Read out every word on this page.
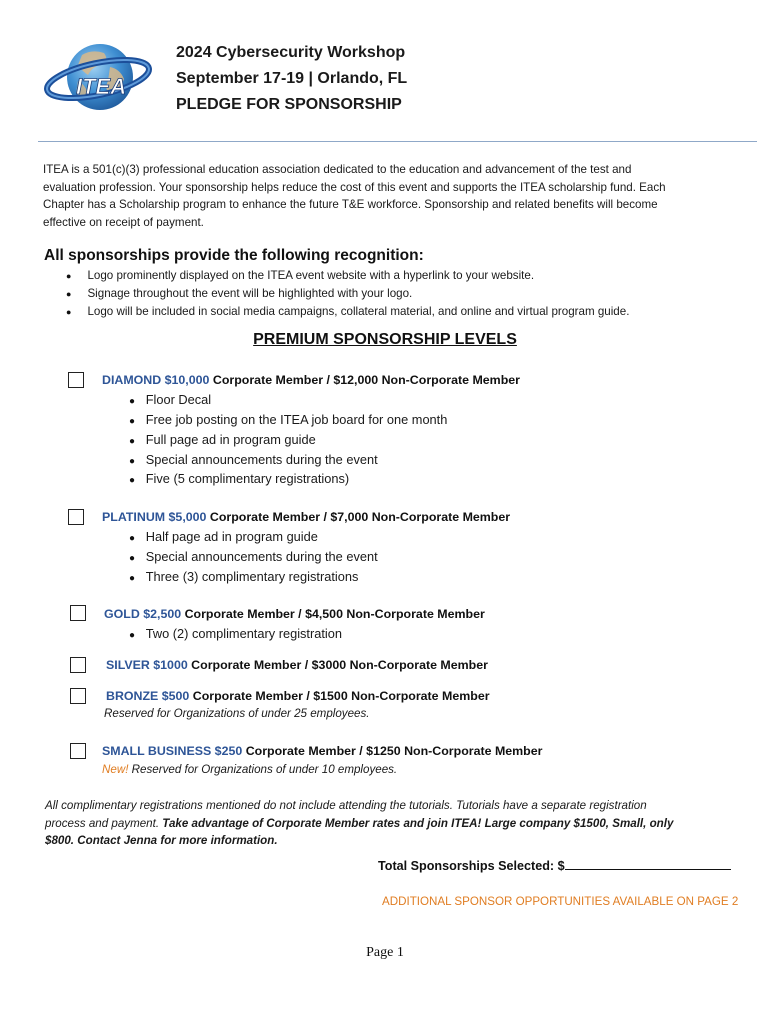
ITEA
2024 Cybersecurity Workshop
September 17-19 | Orlando, FL
PLEDGE FOR SPONSORSHIP
ITEA is a 501(c)(3) professional education association dedicated to the education and advancement of the test and
evaluation profession. Your sponsorship helps reduce the cost of this event and supports the ITEA scholarship fund. Each
Chapter has a Scholarship program to enhance the future T&E workforce. Sponsorship and related benefits will become
effective on receipt of payment.
All sponsorships provide the following recognition:
● Logo prominently displayed on the ITEA event website with a hyperlink to your website.
● Signage throughout the event will be highlighted with your logo.
● Logo will be included in social media campaigns, collateral material, and online and virtual program guide.
PREMIUM SPONSORSHIP LEVELS
DIAMOND $10,000 Corporate Member / $12,000 Non-Corporate Member
● Floor Decal
● Free job posting on the ITEA job board for one month
● Full page ad in program guide
● Special announcements during the event
● Five (5 complimentary registrations)
PLATINUM $5,000 Corporate Member / $7,000 Non-Corporate Member
● Half page ad in program guide
● Special announcements during the event
● Three (3) complimentary registrations
GOLD $2,500 Corporate Member / $4,500 Non-Corporate Member
● Two (2) complimentary registration
SILVER $1000 Corporate Member / $3000 Non-Corporate Member
BRONZE $500 Corporate Member / $1500 Non-Corporate Member
Reserved for Organizations of under 25 employees.
SMALL BUSINESS $250 Corporate Member / $1250 Non-Corporate Member
New! Reserved for Organizations of under 10 employees.
All complimentary registrations mentioned do not include attending the tutorials. Tutorials have a separate registration
process and payment. Take advantage of Corporate Member rates and join ITEA! Large company $1500, Small, only
$800. Contact Jenna for more information.
Total Sponsorships Selected: $
ADDITIONAL SPONSOR OPPORTUNITIES AVAILABLE ON PAGE 2
Page 1
